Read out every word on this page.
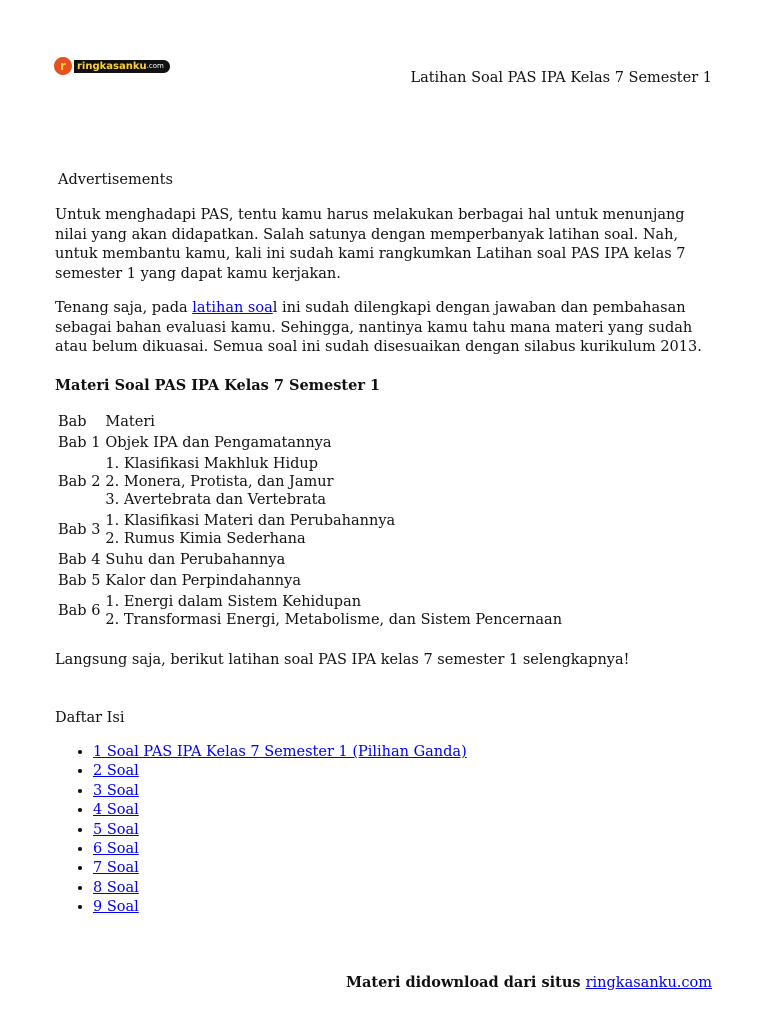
r	ringkasanku .com
Latihan Soal PAS IPA Kelas 7 Semester 1
Advertisements

Untuk menghadapi PAS, tentu kamu harus melakukan berbagai hal untuk menunjang nilai yang akan didapatkan. Salah satunya dengan memperbanyak latihan soal. Nah, untuk membantu kamu, kali ini sudah kami rangkumkan Latihan soal PAS IPA kelas 7 semester 1 yang dapat kamu kerjakan.

Tenang saja, pada latihan soal ini sudah dilengkapi dengan jawaban dan pembahasan sebagai bahan evaluasi kamu. Sehingga, nantinya kamu tahu mana materi yang sudah atau belum dikuasai. Semua soal ini sudah disesuaikan dengan silabus kurikulum 2013.

Materi Soal PAS IPA Kelas 7 Semester 1
Bab	Materi
Bab 1	Objek IPA dan Pengamatannya

Bab 2	1. Klasifikasi Makhluk Hidup
2. Monera, Protista, dan Jamur
3. Avertebrata dan Vertebrata

Bab 3	1. Klasifikasi Materi dan Perubahannya
2. Rumus Kimia Sederhana

Bab 4	Suhu dan Perubahannya

Bab 5	Kalor dan Perpindahannya

Bab 6	1. Energi dalam Sistem Kehidupan
2. Transformasi Energi, Metabolisme, dan Sistem Pencernaan

Langsung saja, berikut latihan soal PAS IPA kelas 7 semester 1 selengkapnya!

Daftar Isi
• 1 Soal PAS IPA Kelas 7 Semester 1 (Pilihan Ganda)
• 2 Soal
• 3 Soal
• 4 Soal
• 5 Soal
• 6 Soal
• 7 Soal
• 8 Soal
• 9 Soal
Materi didownload dari situs ringkasanku.com
